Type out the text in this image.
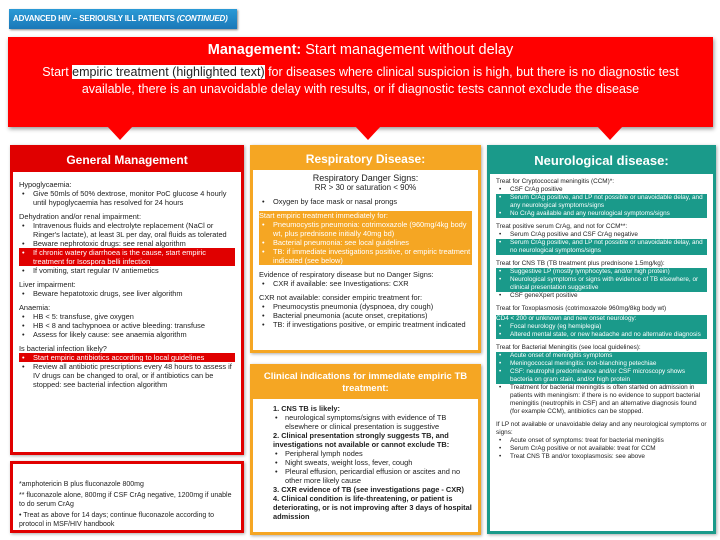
ADVANCED HIV – SERIOUSLY ILL PATIENTS (CONTINUED)
Management: Start management without delay
Start empiric treatment (highlighted text) for diseases where clinical suspicion is high, but there is no diagnostic test available, there is an unavoidable delay with results, or if diagnostic tests cannot exclude the disease
General Management
Hypoglycaemia:
• Give 50mls of 50% dextrose, monitor PoC glucose 4 hourly until hypoglycaemia has resolved for 24 hours
Dehydration and/or renal impairment:
• Intravenous fluids and electrolyte replacement (NaCl or Ringer's lactate), at least 3L per day, oral fluids as tolerated
• Beware nephrotoxic drugs: see renal algorithm
• If chronic watery diarrhoea is the cause, start empiric treatment for Isospora belli infection
• If vomiting, start regular IV antiemetics
Liver impairment:
• Beware hepatotoxic drugs, see liver algorithm
Anaemia:
• HB < 5: transfuse, give oxygen
• HB < 8 and tachypnoea or active bleeding: transfuse
• Assess for likely cause: see anaemia algorithm
Is bacterial infection likely?
• Start empiric antibiotics according to local guidelines
• Review all antibiotic prescriptions every 48 hours to assess if IV drugs can be changed to oral, or if antibiotics can be stopped: see bacterial infection algorithm
*amphotericin B plus fluconazole 800mg
** fluconazole alone, 800mg if CSF CrAg negative, 1200mg if unable to do serum CrAg
• Treat as above for 14 days; continue fluconazole according to protocol in MSF/HIV handbook
Respiratory Disease:
Respiratory Danger Signs:
RR > 30 or saturation < 90%
• Oxygen by face mask or nasal prongs
Start empiric treatment immediately for:
• Pneumocystis pneumonia: cotrimoxazole (960mg/4kg body wt, plus prednisone initially 40mg bd)
• Bacterial pneumonia: see local guidelines
• TB: if immediate investigations positive, or empiric treatment indicated (see below)
Evidence of respiratory disease but no Danger Signs:
• CXR if available: see Investigations: CXR
CXR not available: consider empiric treatment for:
• Pneumocystis pneumonia (dyspnoea, dry cough)
• Bacterial pneumonia (acute onset, crepitations)
• TB: if investigations positive, or empiric treatment indicated
Clinical indications for immediate empiric TB treatment:
1. CNS TB is likely:
• neurological symptoms/signs with evidence of TB elsewhere or clinical presentation is suggestive
2. Clinical presentation strongly suggests TB, and investigations not available or cannot exclude TB:
• Peripheral lymph nodes
• Night sweats, weight loss, fever, cough
• Pleural effusion, pericardial effusion or ascites and no other more likely cause
3. CXR evidence of TB (see investigations page - CXR)
4. Clinical condition is life-threatening, or patient is deteriorating, or is not improving after 3 days of hospital admission
Neurological disease:
Treat for Cryptococcal meningitis (CCM)*:
• CSF CrAg positive
• Serum CrAg positive, and LP not possible or unavoidable delay, and any neurological symptoms/signs
• No CrAg available and any neurological symptoms/signs
Treat positive serum CrAg, and not for CCM**:
• Serum CrAg positive and CSF CrAg negative
• Serum CrAg positive, and LP not possible or unavoidable delay, and no neurological symptoms/signs
Treat for CNS TB (TB treatment plus prednisone 1.5mg/kg):
• Suggestive LP (mostly lymphocytes, and/or high protein)
• Neurological symptoms or signs with evidence of TB elsewhere, or clinical presentation suggestive
• CSF geneXpert positive
Treat for Toxoplasmosis (cotrimoxazole 960mg/8kg body wt)
CD4 < 200 or unknown and new onset neurology:
• Focal neurology (eg hemiplegia)
• Altered mental state, or new headache and no alternative diagnosis
Treat for Bacterial Meningitis (see local guidelines):
• Acute onset of meningitis symptoms
• Meningococcal meningitis: non-blanching petechiae
• CSF: neutrophil predominance and/or CSF microscopy shows bacteria on gram stain, and/or high protein
• Treatment for bacterial meningitis is often started on admission in patients with meningism: if there is no evidence to support bacterial meningitis (neutrophils in CSF) and an alternative diagnosis found (for example CCM), antibiotics can be stopped.
If LP not available or unavoidable delay and any neurological symptoms or signs:
• Acute onset of symptoms: treat for bacterial meningitis
• Serum CrAg positive or not available: treat for CCM
• Treat CNS TB and/or toxoplasmosis: see above
